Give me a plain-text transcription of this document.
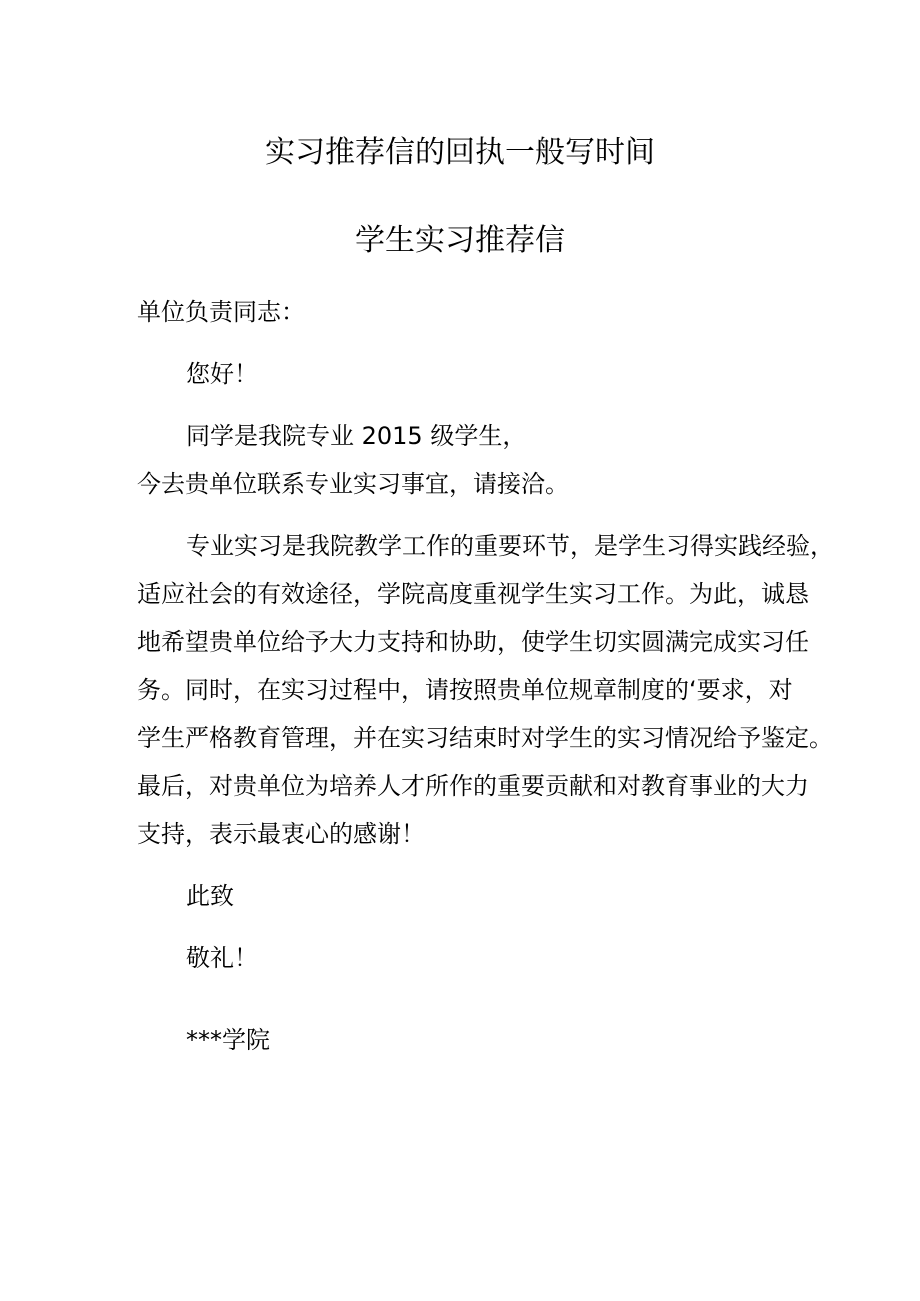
实习推荐信的回执一般写时间
学生实习推荐信

单位负责同志：

您好！

同学是我院专业 2015 级学生，

今去贵单位联系专业实习事宜，请接洽。

专业实习是我院教学工作的重要环节，是学生习得实践经验，

适应社会的有效途径，学院高度重视学生实习工作。为此，诚恳

地希望贵单位给予大力支持和协助，使学生切实圆满完成实习任

务。同时，在实习过程中，请按照贵单位规章制度的‘要求，对

学生严格教育管理，并在实习结束时对学生的实习情况给予鉴定。

最后，对贵单位为培养人才所作的重要贡献和对教育事业的大力

支持，表示最衷心的感谢！

此致

敬礼！

***学院
